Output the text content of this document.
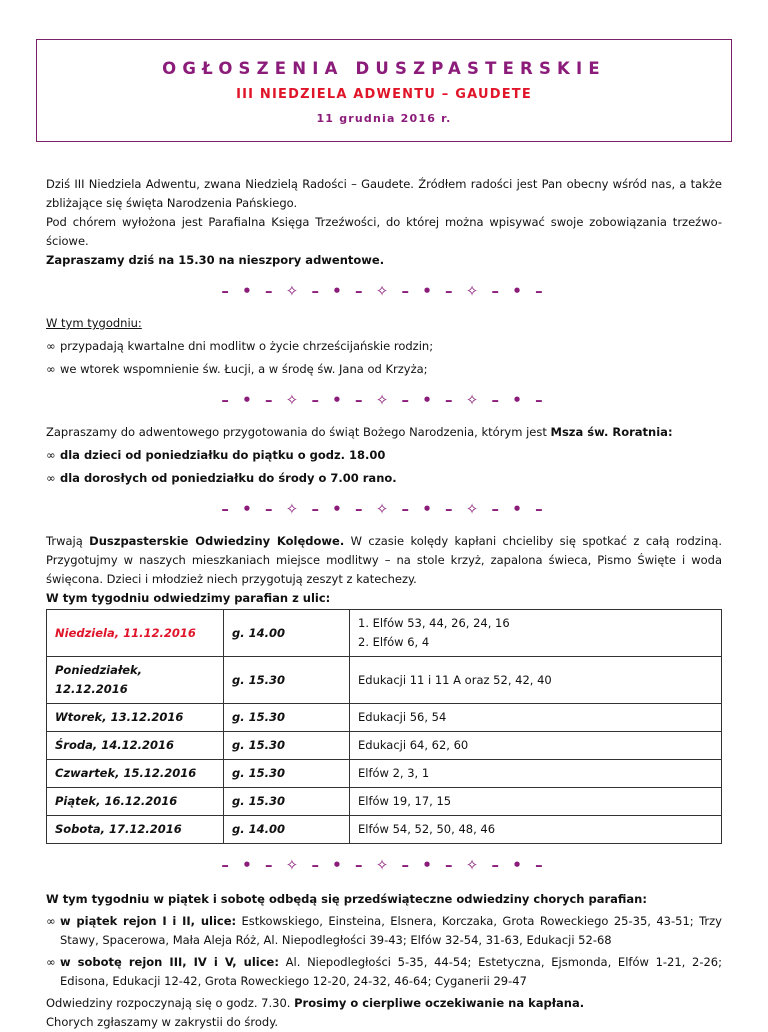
OGŁOSZENIA DUSZPASTERSKIE
III NIEDZIELA ADWENTU – GAUDETE
11 grudnia 2016 r.

Dziś III Niedziela Adwentu, zwana Niedzielą Radości – Gaudete. Źródłem radości jest Pan obecny wśród nas, a także zbliżające się święta Narodzenia Pańskiego.

Pod chórem wyłożona jest Parafialna Księga Trzeźwości, do której można wpisywać swoje zobowiązania trzeźwo-ściowe.

Zapraszamy dziś na 15.30 na nieszpory adwentowe.

– • – ✧ – • – ✧ – • – ✧ – • –

W tym tygodniu:

∞ przypadają kwartalne dni modlitw o życie chrześcijańskie rodzin;
∞ we wtorek wspomnienie św. Łucji, a w środę św. Jana od Krzyża;
– • – ✧ – • – ✧ – • – ✧ – • –

Zapraszamy do adwentowego przygotowania do świąt Bożego Narodzenia, którym jest Msza św. Roratnia:

∞ dla dzieci od poniedziałku do piątku o godz. 18.00
∞ dla dorosłych od poniedziałku do środy o 7.00 rano.
– • – ✧ – • – ✧ – • – ✧ – • –

Trwają Duszpasterskie Odwiedziny Kolędowe. W czasie kolędy kapłani chcieliby się spotkać z całą rodziną. Przygotujmy w naszych mieszkaniach miejsce modlitwy – na stole krzyż, zapalona świeca, Pismo Święte i woda święcona. Dzieci i młodzież niech przygotują zeszyt z katechezy.

W tym tygodniu odwiedzimy parafian z ulic:

Niedziela, 11.12.2016	g. 14.00	1. Elfów 53, 44, 26, 24, 16
2. Elfów 6, 4

Poniedziałek, 12.12.2016	g. 15.30	Edukacji 11 i 11 A oraz 52, 42, 40
Wtorek, 13.12.2016	g. 15.30	Edukacji 56, 54
Środa, 14.12.2016	g. 15.30	Edukacji 64, 62, 60
Czwartek, 15.12.2016	g. 15.30	Elfów 2, 3, 1
Piątek, 16.12.2016	g. 15.30	Elfów 19, 17, 15
Sobota, 17.12.2016	g. 14.00	Elfów 54, 52, 50, 48, 46
– • – ✧ – • – ✧ – • – ✧ – • –

W tym tygodniu w piątek i sobotę odbędą się przedświąteczne odwiedziny chorych parafian:

∞ w piątek rejon I i II, ulice: Estkowskiego, Einsteina, Elsnera, Korczaka, Grota Roweckiego 25-35, 43-51; Trzy Stawy, Spacerowa, Mała Aleja Róż, Al. Niepodległości 39-43; Elfów 32-54, 31-63, Edukacji 52-68
∞ w sobotę rejon III, IV i V, ulice: Al. Niepodległości 5-35, 44-54; Estetyczna, Ejsmonda, Elfów 1-21, 2-26; Edisona, Edukacji 12-42, Grota Roweckiego 12-20, 24-32, 46-64; Cyganerii 29-47

Odwiedziny rozpoczynają się o godz. 7.30. Prosimy o cierpliwe oczekiwanie na kapłana.

Chorych zgłaszamy w zakrystii do środy.
